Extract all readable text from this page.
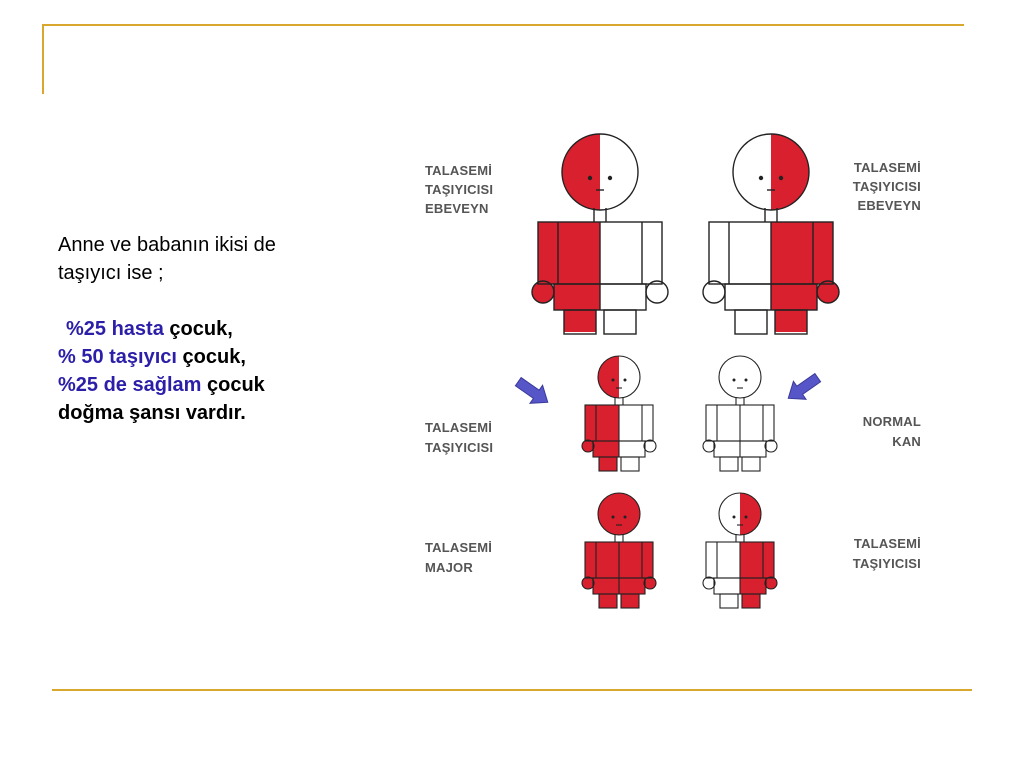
Anne ve babanın ikisi de
taşıyıcı ise ;

%25 hasta çocuk,

% 50 taşıyıcı çocuk,

%25 de sağlam çocuk

doğma şansı vardır.

TALASEMİ
TAŞIYICISI
EBEVEYN
TALASEMİ
TAŞIYICISI
EBEVEYN
TALASEMİ
TAŞIYICISI
NORMAL
KAN
TALASEMİ
MAJOR
TALASEMİ
TAŞIYICISI
